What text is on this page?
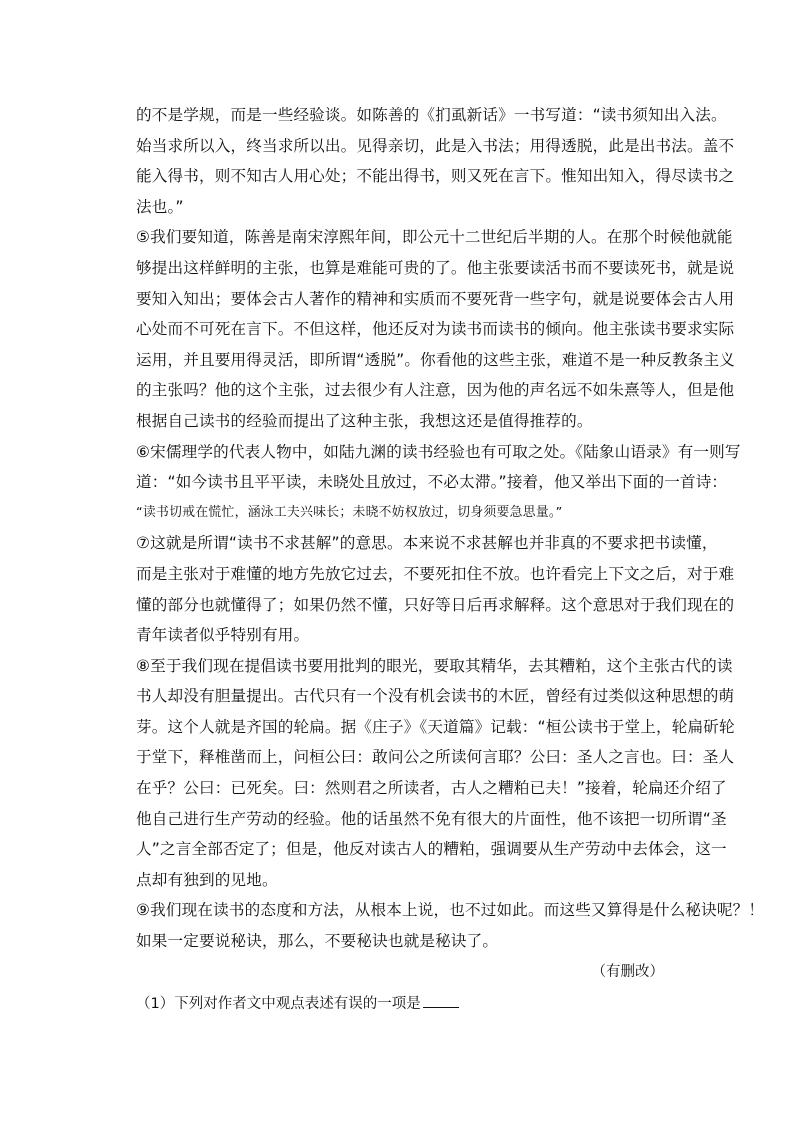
的不是学规，而是一些经验谈。如陈善的《扪虱新话》一书写道：“读书须知出入法。

始当求所以入，终当求所以出。见得亲切，此是入书法；用得透脱，此是出书法。盖不

能入得书，则不知古人用心处；不能出得书，则又死在言下。惟知出知入，得尽读书之

法也。”

⑤我们要知道，陈善是南宋淳熙年间，即公元十二世纪后半期的人。在那个时候他就能

够提出这样鲜明的主张，也算是难能可贵的了。他主张要读活书而不要读死书，就是说

要知入知出；要体会古人著作的精神和实质而不要死背一些字句，就是说要体会古人用

心处而不可死在言下。不但这样，他还反对为读书而读书的倾向。他主张读书要求实际

运用，并且要用得灵活，即所谓“透脱”。你看他的这些主张，难道不是一种反教条主义

的主张吗？他的这个主张，过去很少有人注意，因为他的声名远不如朱熹等人，但是他

根据自己读书的经验而提出了这种主张，我想这还是值得推荐的。

⑥宋儒理学的代表人物中，如陆九渊的读书经验也有可取之处。《陆象山语录》有一则写

道：“如今读书且平平读，未晓处且放过，不必太滞。”接着，他又举出下面的一首诗：

“读书切戒在慌忙，涵泳工夫兴味长；未晓不妨权放过，切身须要急思量。”

⑦这就是所谓“读书不求甚解”的意思。本来说不求甚解也并非真的不要求把书读懂，

而是主张对于难懂的地方先放它过去，不要死扣住不放。也许看完上下文之后，对于难

懂的部分也就懂得了；如果仍然不懂，只好等日后再求解释。这个意思对于我们现在的

青年读者似乎特别有用。

⑧至于我们现在提倡读书要用批判的眼光，要取其精华，去其糟粕，这个主张古代的读

书人却没有胆量提出。古代只有一个没有机会读书的木匠，曾经有过类似这种思想的萌

芽。这个人就是齐国的轮扁。据《庄子》《天道篇》记载：“桓公读书于堂上，轮扁斫轮

于堂下，释椎凿而上，问桓公曰：敢问公之所读何言耶？公曰：圣人之言也。曰：圣人

在乎？公曰：已死矣。曰：然则君之所读者，古人之糟粕已夫！”接着，轮扁还介绍了

他自己进行生产劳动的经验。他的话虽然不免有很大的片面性，他不该把一切所谓“圣

人”之言全部否定了；但是，他反对读古人的糟粕，强调要从生产劳动中去体会，这一

点却有独到的见地。

⑨我们现在读书的态度和方法，从根本上说，也不过如此。而这些又算得是什么秘诀呢？！

如果一定要说秘诀，那么，不要秘诀也就是秘诀了。

（有删改）

（1）下列对作者文中观点表述有误的一项是
